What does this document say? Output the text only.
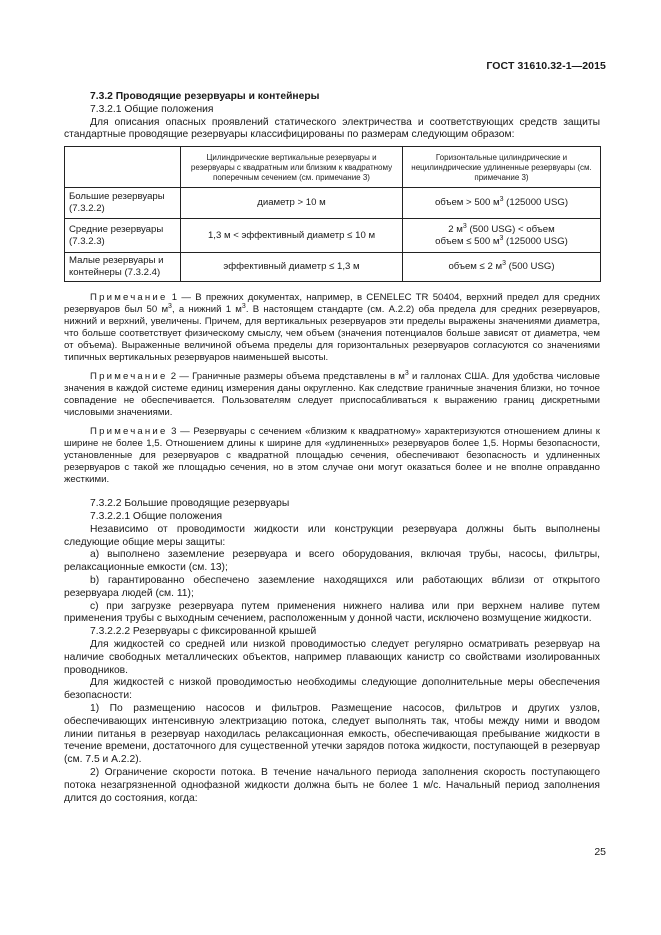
ГОСТ 31610.32-1—2015

7.3.2 Проводящие резервуары и контейнеры

7.3.2.1 Общие положения

Для описания опасных проявлений статического электричества и соответствующих средств защиты стандартные проводящие резервуары классифицированы по размерам следующим образом:

	Цилиндрические вертикальные резервуары и резервуары с квадратным или близким к квадратному поперечным сечением (см. примечание 3)	Горизонтальные цилиндрические и нецилиндрические удлиненные резервуары (см. примечание 3)
Большие резервуары (7.3.2.2)	диаметр > 10 м	объем > 500 $м^3$ (125000 USG)
Средние резервуары (7.3.2.3)	1,3 м < эффективный диаметр ≤ 10 м	2 $м^3$ (500 USG) < объем
объем ≤ 500 $м^3$ (125000 USG)
Малые резервуары и контейнеры (7.3.2.4)	эффективный диаметр ≤ 1,3 м	объем ≤ 2 $м^3$ (500 USG)

Примечание 1 — В прежних документах, например, в CENELEC TR 50404, верхний предел для средних резервуаров был 50 $м^3$, а нижний 1 $м^3$. В настоящем стандарте (см. А.2.2) оба предела для средних резервуаров, нижний и верхний, увеличены. Причем, для вертикальных резервуаров эти пределы выражены значениями диаметра, что больше соответствует физическому смыслу, чем объем (значения потенциалов больше зависят от диаметра, чем от объема). Выраженные величиной объема пределы для горизонтальных резервуаров согласуются со значениями типичных вертикальных резервуаров наименьшей высоты.

Примечание 2 — Граничные размеры объема представлены в $м^3$ и галлонах США. Для удобства числовые значения в каждой системе единиц измерения даны округленно. Как следствие граничные значения близки, но точное совпадение не обеспечивается. Пользователям следует приспосабливаться к выражению границ дискретными числовыми значениями.

Примечание 3 — Резервуары с сечением «близким к квадратному» характеризуются отношением длины к ширине не более 1,5. Отношением длины к ширине для «удлиненных» резервуаров более 1,5. Нормы безопасности, установленные для резервуаров с квадратной площадью сечения, обеспечивают безопасность и удлиненных резервуаров с такой же площадью сечения, но в этом случае они могут оказаться более и не вполне оправданно жесткими.

7.3.2.2 Большие проводящие резервуары

7.3.2.2.1 Общие положения

Независимо от проводимости жидкости или конструкции резервуара должны быть выполнены следующие общие меры защиты:

а) выполнено заземление резервуара и всего оборудования, включая трубы, насосы, фильтры, релаксационные емкости (см. 13);

b) гарантированно обеспечено заземление находящихся или работающих вблизи от открытого резервуара людей (см. 11);

с) при загрузке резервуара путем применения нижнего налива или при верхнем наливе путем применения трубы с выходным сечением, расположенным у донной части, исключено возмущение жидкости.

7.3.2.2.2 Резервуары с фиксированной крышей

Для жидкостей со средней или низкой проводимостью следует регулярно осматривать резервуар на наличие свободных металлических объектов, например плавающих канистр со свойствами изолированных проводников.

Для жидкостей с низкой проводимостью необходимы следующие дополнительные меры обеспечения безопасности:

1) По размещению насосов и фильтров. Размещение насосов, фильтров и других узлов, обеспечивающих интенсивную электризацию потока, следует выполнять так, чтобы между ними и вводом линии питанья в резервуар находилась релаксационная емкость, обеспечивающая пребывание жидкости в течение времени, достаточного для существенной утечки зарядов потока жидкости, поступающей в резервуар (см. 7.5 и А.2.2).

2) Ограничение скорости потока. В течение начального периода заполнения скорость поступающего потока незагрязненной однофазной жидкости должна быть не более 1 м/с. Начальный период заполнения длится до состояния, когда:

25
